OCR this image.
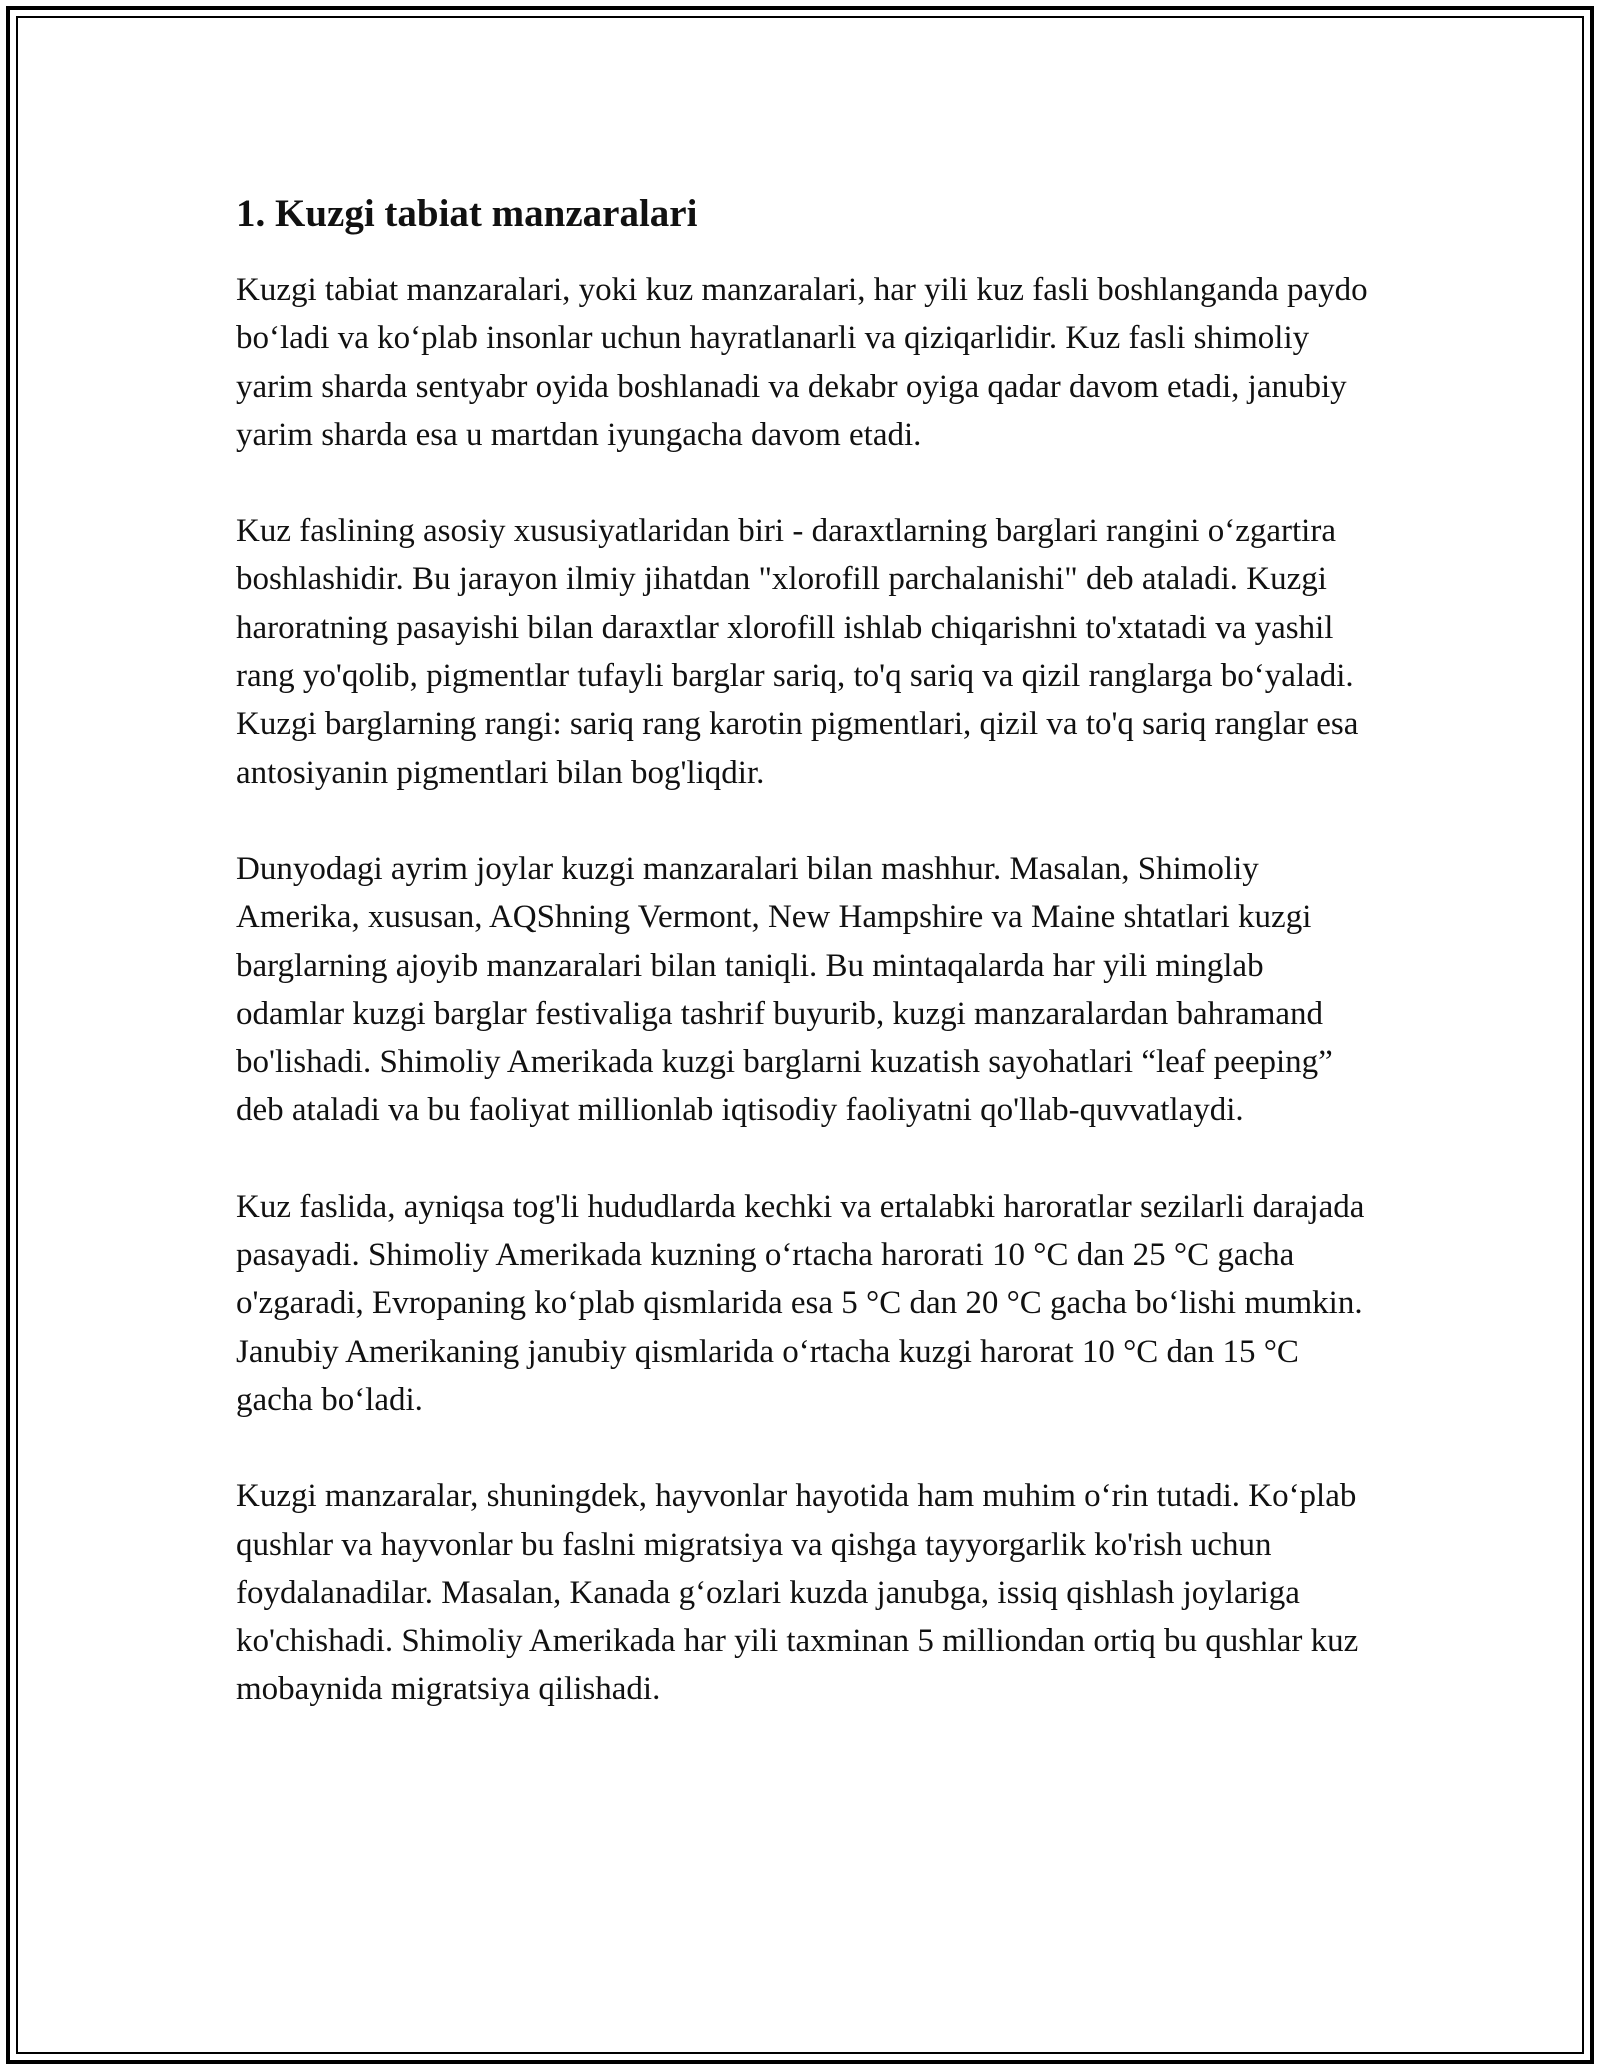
1. Kuzgi tabiat manzaralari

Kuzgi tabiat manzaralari, yoki kuz manzaralari, har yili kuz fasli boshlanganda paydo bo‘ladi va ko‘plab insonlar uchun hayratlanarli va qiziqarlidir. Kuz fasli shimoliy yarim sharda sentyabr oyida boshlanadi va dekabr oyiga qadar davom etadi, janubiy yarim sharda esa u martdan iyungacha davom etadi.

Kuz faslining asosiy xususiyatlaridan biri - daraxtlarning barglari rangini o‘zgartira boshlashidir. Bu jarayon ilmiy jihatdan "xlorofill parchalanishi" deb ataladi. Kuzgi haroratning pasayishi bilan daraxtlar xlorofill ishlab chiqarishni to'xtatadi va yashil rang yo'qolib, pigmentlar tufayli barglar sariq, to'q sariq va qizil ranglarga bo‘yaladi. Kuzgi barglarning rangi: sariq rang karotin pigmentlari, qizil va to'q sariq ranglar esa antosiyanin pigmentlari bilan bog'liqdir.

Dunyodagi ayrim joylar kuzgi manzaralari bilan mashhur. Masalan, Shimoliy Amerika, xususan, AQShning Vermont, New Hampshire va Maine shtatlari kuzgi barglarning ajoyib manzaralari bilan taniqli. Bu mintaqalarda har yili minglab odamlar kuzgi barglar festivaliga tashrif buyurib, kuzgi manzaralardan bahramand bo'lishadi. Shimoliy Amerikada kuzgi barglarni kuzatish sayohatlari “leaf peeping” deb ataladi va bu faoliyat millionlab iqtisodiy faoliyatni qo'llab-quvvatlaydi.

Kuz faslida, ayniqsa tog'li hududlarda kechki va ertalabki haroratlar sezilarli darajada pasayadi. Shimoliy Amerikada kuzning o‘rtacha harorati 10 °C dan 25 °C gacha o'zgaradi, Evropaning ko‘plab qismlarida esa 5 °C dan 20 °C gacha bo‘lishi mumkin. Janubiy Amerikaning janubiy qismlarida o‘rtacha kuzgi harorat 10 °C dan 15 °C gacha bo‘ladi.

Kuzgi manzaralar, shuningdek, hayvonlar hayotida ham muhim o‘rin tutadi. Ko‘plab qushlar va hayvonlar bu faslni migratsiya va qishga tayyorgarlik ko'rish uchun foydalanadilar. Masalan, Kanada g‘ozlari kuzda janubga, issiq qishlash joylariga ko'chishadi. Shimoliy Amerikada har yili taxminan 5 milliondan ortiq bu qushlar kuz mobaynida migratsiya qilishadi.
